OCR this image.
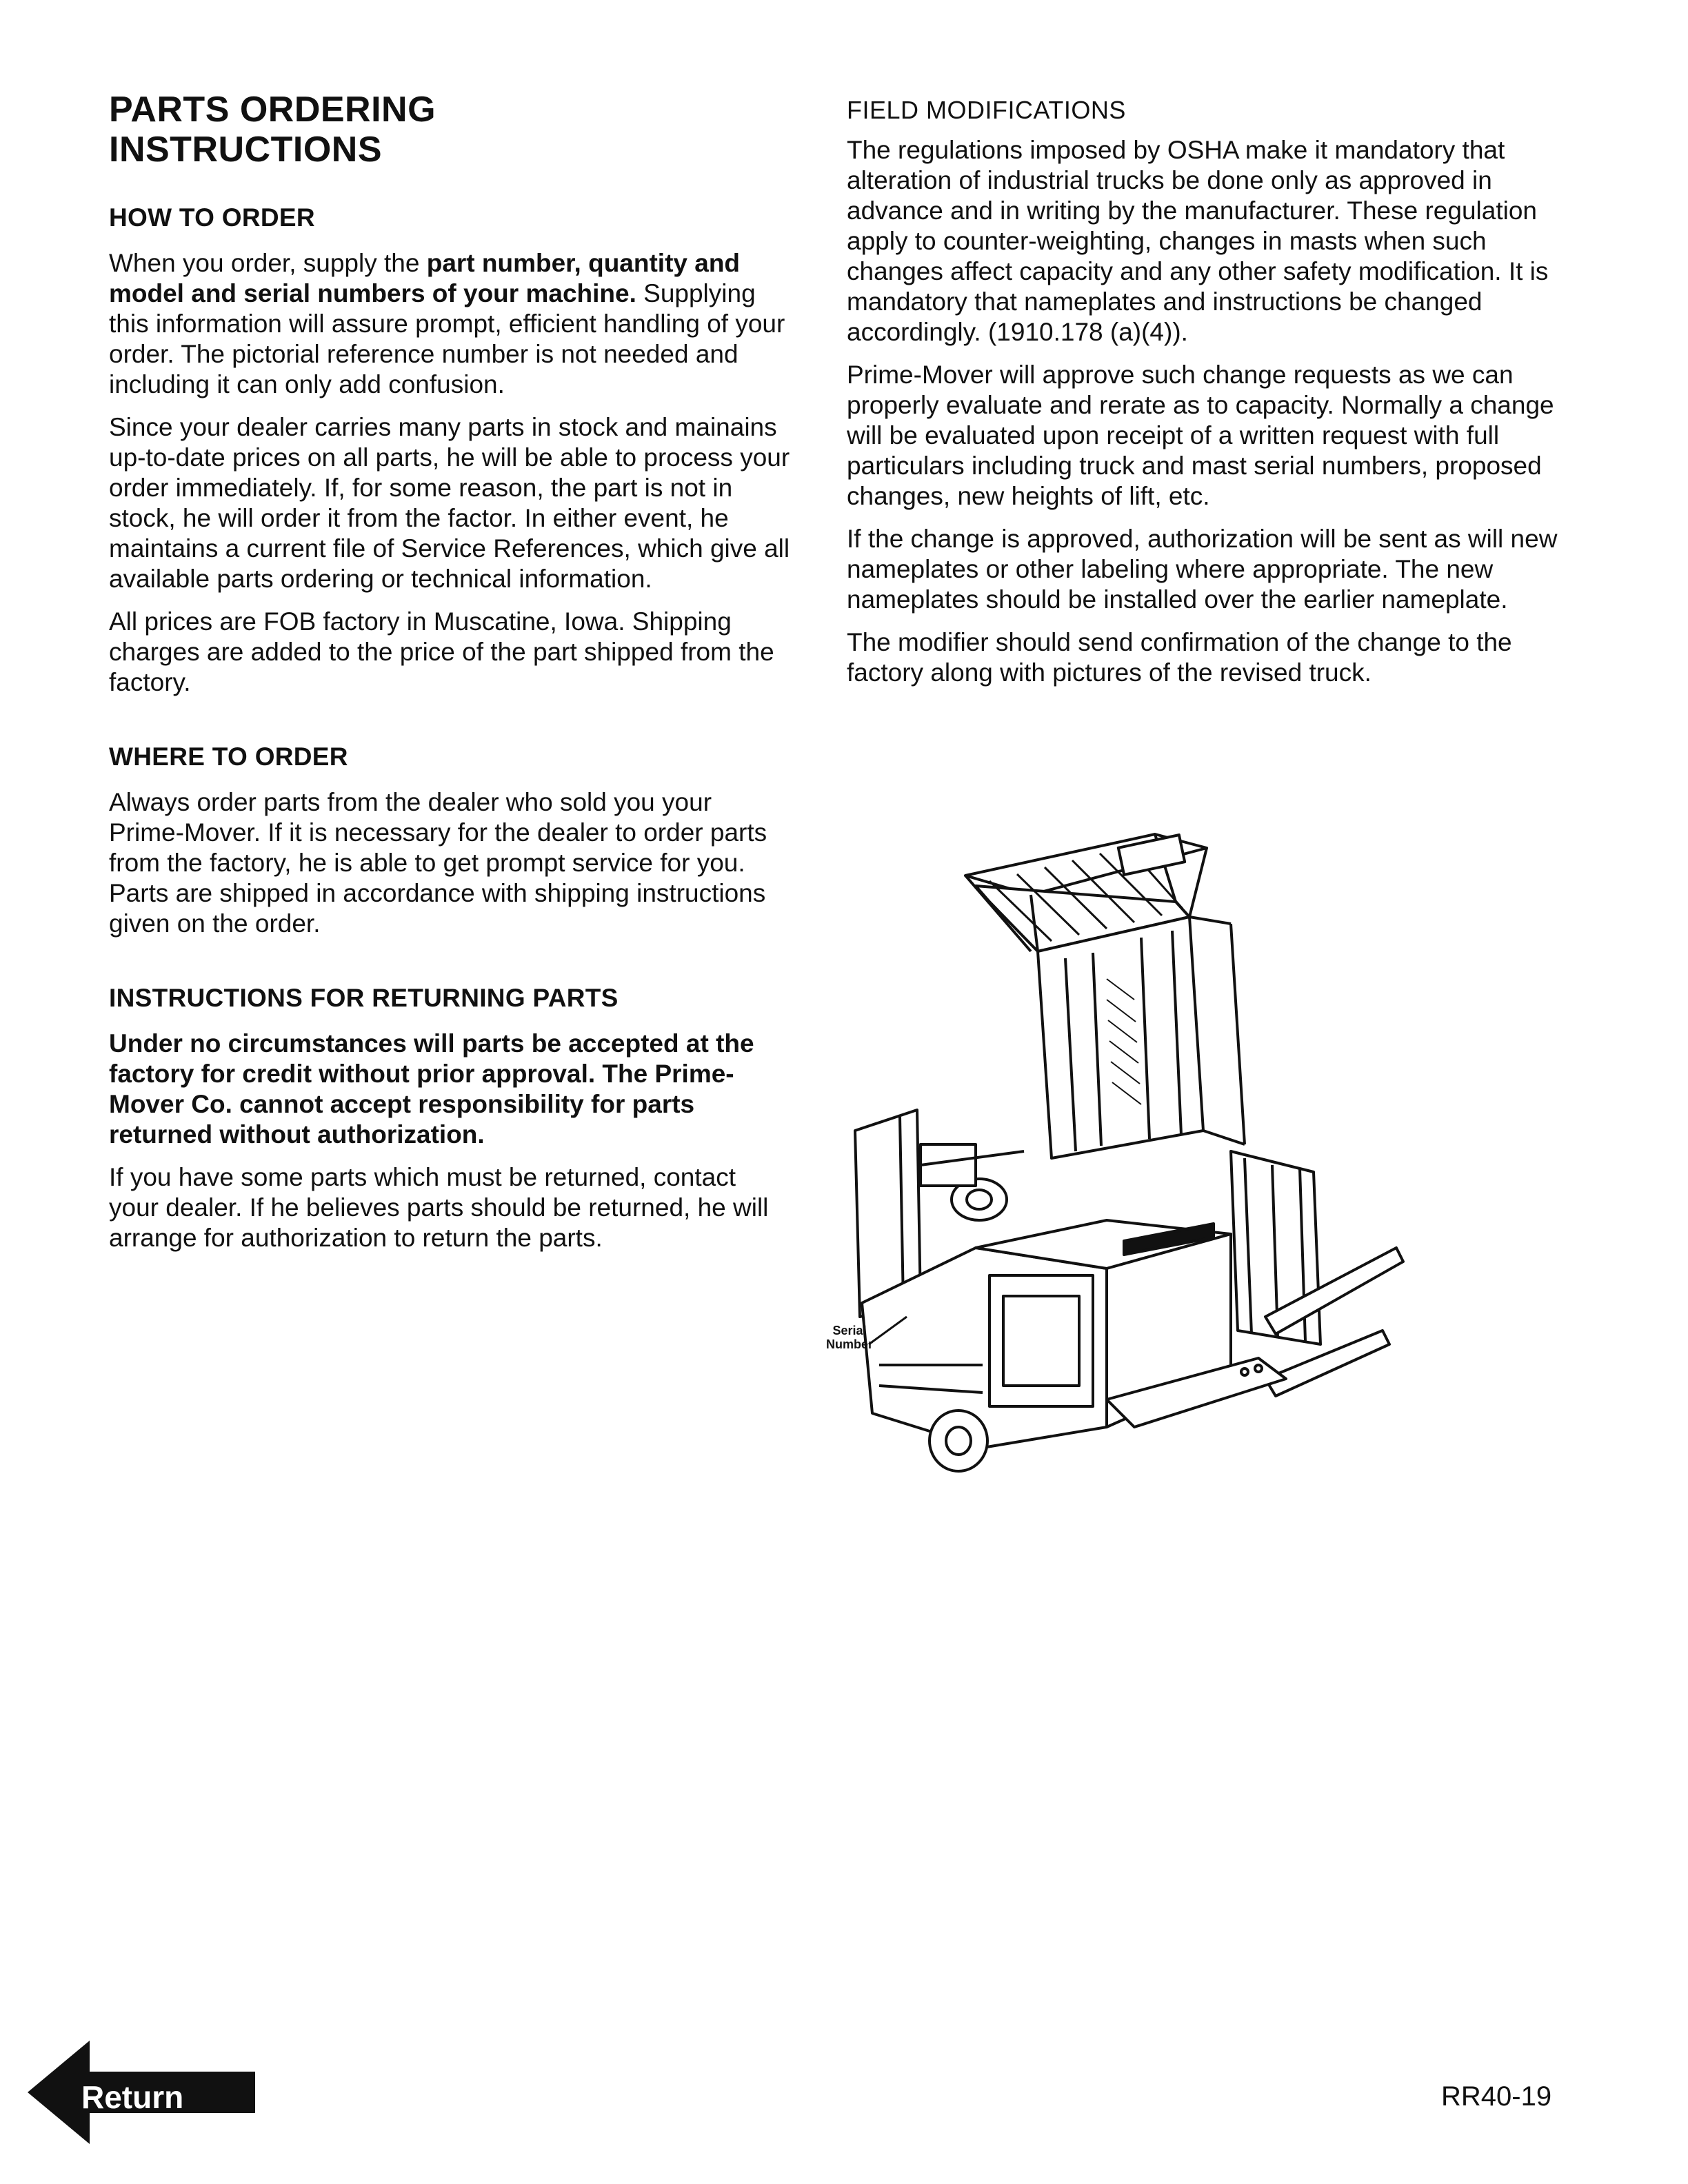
PARTS ORDERING
INSTRUCTIONS
HOW TO ORDER

When you order, supply the part number, quantity and model and serial numbers of your machine. Supplying this information will assure prompt, efficient handling of your order. The pictorial reference number is not needed and including it can only add confusion.

Since your dealer carries many parts in stock and mainains up-to-date prices on all parts, he will be able to process your order immediately. If, for some reason, the part is not in stock, he will order it from the factor. In either event, he maintains a current file of Service References, which give all available parts ordering or technical information.

All prices are FOB factory in Muscatine, Iowa. Shipping charges are added to the price of the part shipped from the factory.

WHERE TO ORDER

Always order parts from the dealer who sold you your Prime-Mover. If it is necessary for the dealer to order parts from the factory, he is able to get prompt service for you. Parts are shipped in accordance with shipping instructions given on the order.

INSTRUCTIONS FOR RETURNING PARTS

Under no circumstances will parts be accepted at the factory for credit without prior approval. The Prime-Mover Co. cannot accept responsibility for parts returned without authorization.

If you have some parts which must be returned, contact your dealer. If he believes parts should be returned, he will arrange for authorization to return the parts.

FIELD MODIFICATIONS

The regulations imposed by OSHA make it mandatory that alteration of industrial trucks be done only as approved in advance and in writing by the manufacturer. These regulation apply to counter-weighting, changes in masts when such changes affect capacity and any other safety modification. It is mandatory that nameplates and instructions be changed accordingly. (1910.178 (a)(4)).

Prime-Mover will approve such change requests as we can properly evaluate and rerate as to capacity. Normally a change will be evaluated upon receipt of a written request with full particulars including truck and mast serial numbers, proposed changes, new heights of lift, etc.

If the change is approved, authorization will be sent as will new nameplates or other labeling where appropriate. The new nameplates should be installed over the earlier nameplate.

The modifier should send confirmation of the change to the factory along with pictures of the revised truck.

Serial
Number
Return	RR40-19
